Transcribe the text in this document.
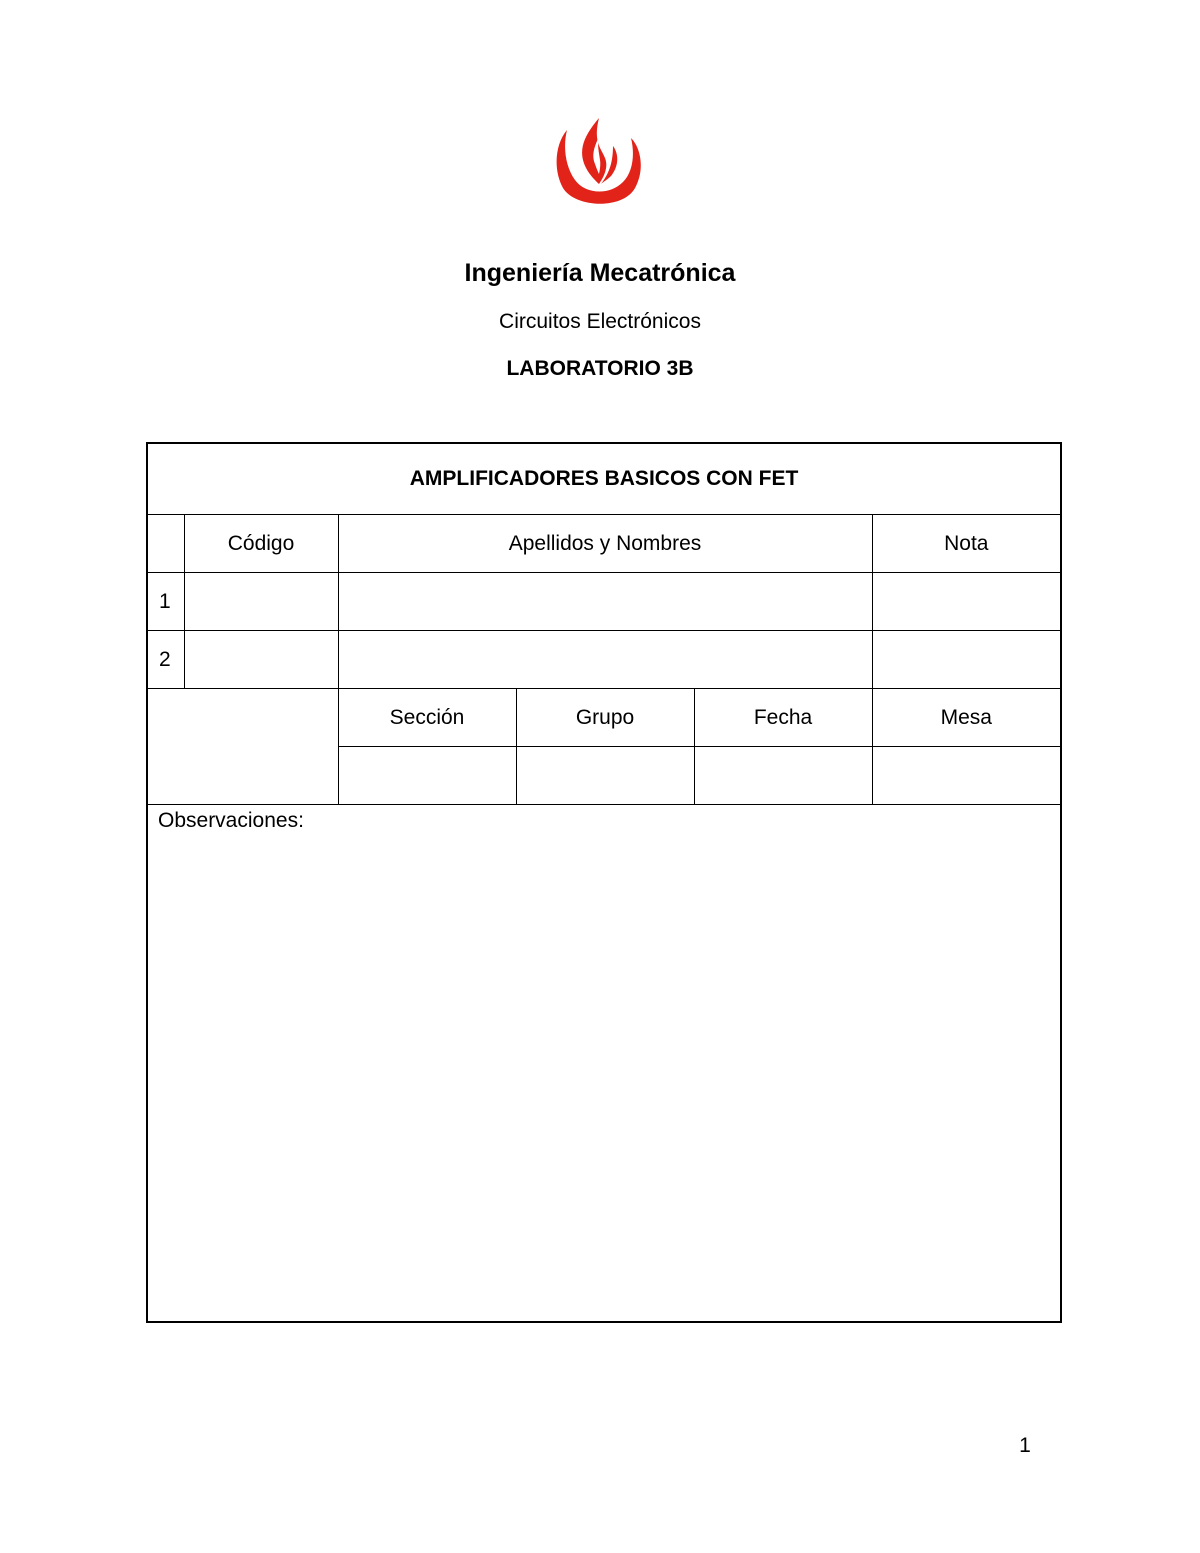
Ingeniería Mecatrónica

Circuitos Electrónicos

LABORATORIO 3B

AMPLIFICADORES BASICOS CON FET					
	Código	Apellidos y Nombres			Nota
1					
2					
		Sección	Grupo	Fecha	Mesa

Observaciones:					
1
